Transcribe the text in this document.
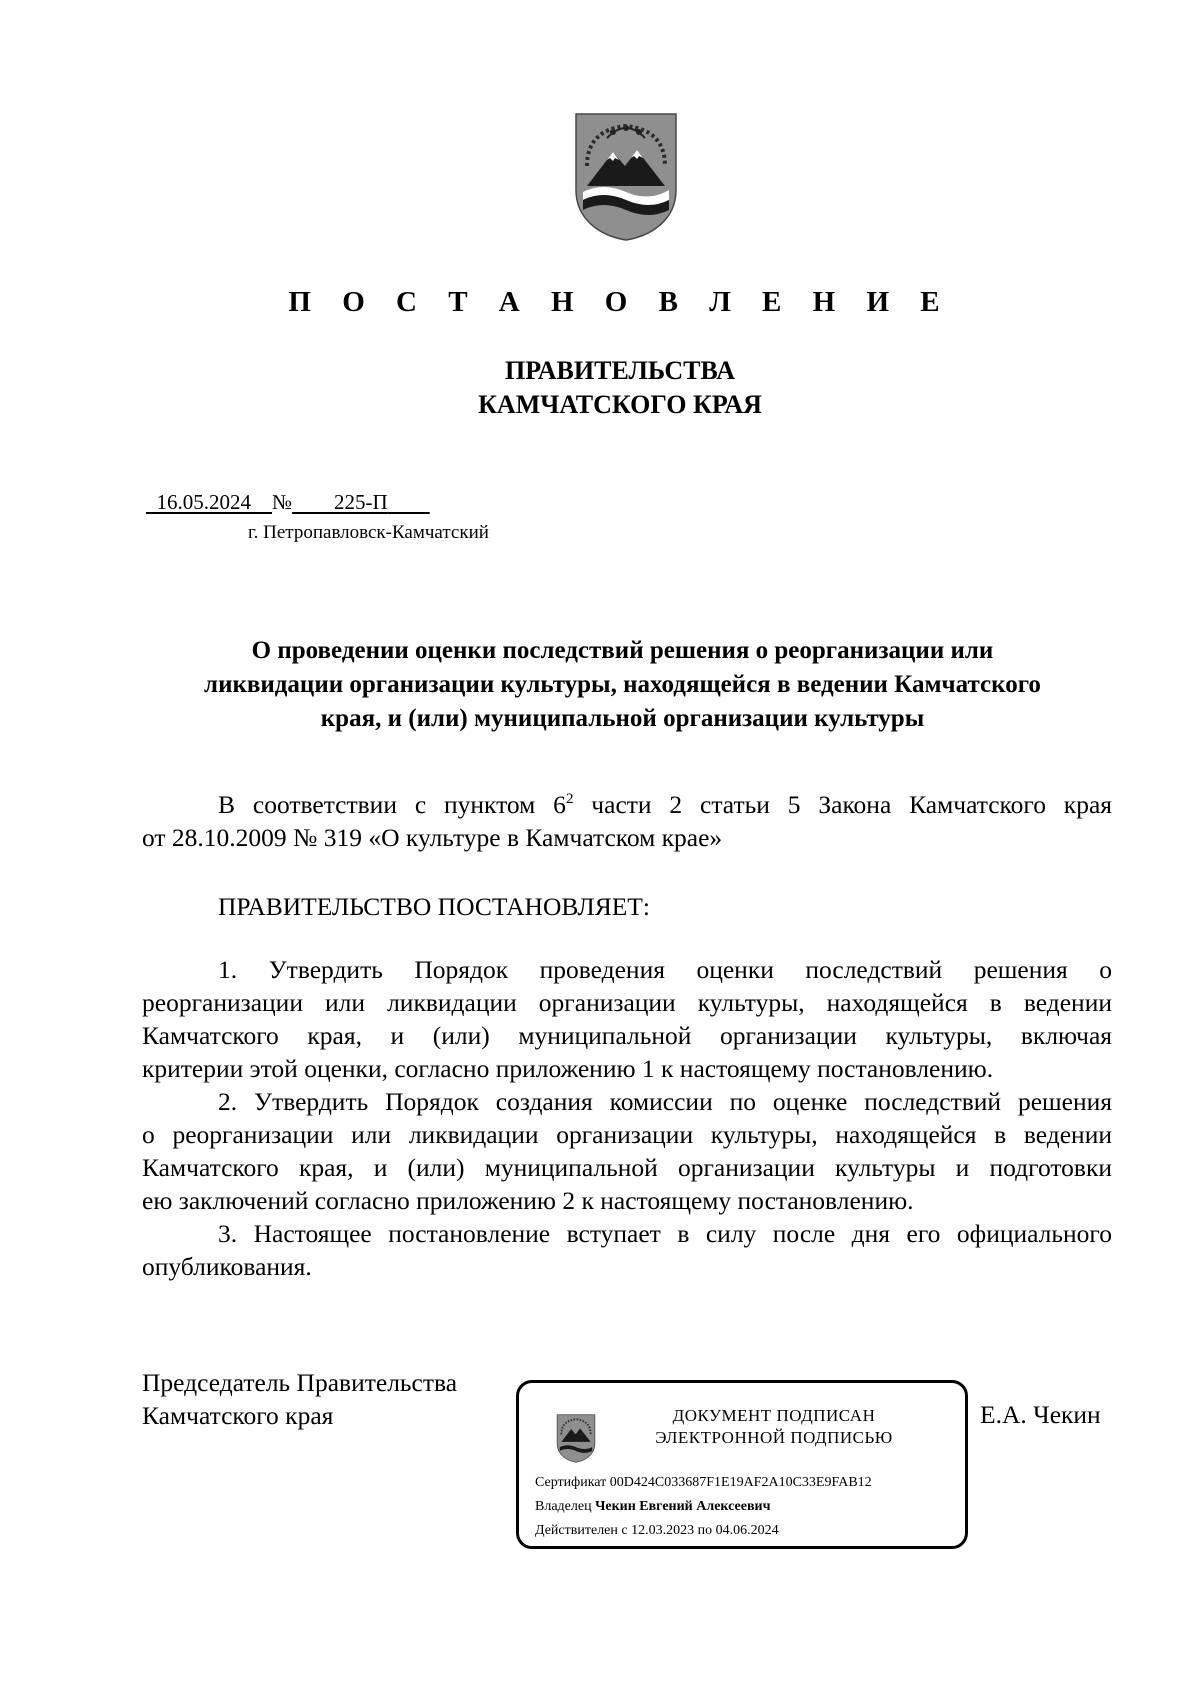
П О С Т А Н О В Л Е Н И Е
ПРАВИТЕЛЬСТВА
КАМЧАТСКОГО КРАЯ
16.05.2024 № 225-П
г. Петропавловск-Камчатский
О проведении оценки последствий решения о реорганизации или
ликвидации организации культуры, находящейся в ведении Камчатского
края, и (или) муниципальной организации культуры
В соответствии с пунктом $6^2$ части 2 статьи 5 Закона Камчатского края
от 28.10.2009 № 319 «О культуре в Камчатском крае»
ПРАВИТЕЛЬСТВО ПОСТАНОВЛЯЕТ:
1. Утвердить Порядок проведения оценки последствий решения о
реорганизации или ликвидации организации культуры, находящейся в ведении
Камчатского края, и (или) муниципальной организации культуры, включая
критерии этой оценки, согласно приложению 1 к настоящему постановлению.
2. Утвердить Порядок создания комиссии по оценке последствий решения
о реорганизации или ликвидации организации культуры, находящейся в ведении
Камчатского края, и (или) муниципальной организации культуры и подготовки
ею заключений согласно приложению 2 к настоящему постановлению.
3. Настоящее постановление вступает в силу после дня его официального
опубликования.
Председатель Правительства
Камчатского края	ДОКУМЕНТ ПОДПИСАН
ЭЛЕКТРОННОЙ ПОДПИСЬЮ
Сертификат 00D424C033687F1E19AF2A10C33E9FAB12
Владелец Чекин Евгений Алексеевич
Действителен с 12.03.2023 по 04.06.2024
Е.А. Чекин
